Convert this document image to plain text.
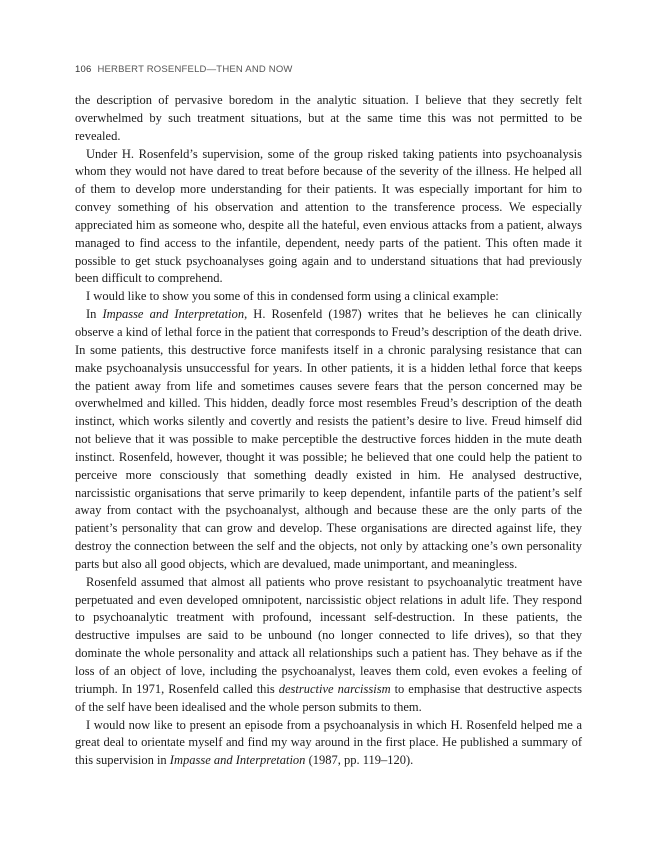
106 HERBERT ROSENFELD—THEN AND NOW

the description of pervasive boredom in the analytic situation. I believe that they secretly felt overwhelmed by such treatment situations, but at the same time this was not permitted to be revealed.

Under H. Rosenfeld’s supervision, some of the group risked taking patients into psychoanalysis whom they would not have dared to treat before because of the severity of the illness. He helped all of them to develop more understanding for their patients. It was especially important for him to convey something of his observation and attention to the transference process. We especially appreciated him as someone who, despite all the hateful, even envious attacks from a patient, always managed to find access to the infantile, dependent, needy parts of the patient. This often made it possible to get stuck psychoanalyses going again and to understand situations that had previously been difficult to comprehend.

I would like to show you some of this in condensed form using a clinical example:

In Impasse and Interpretation, H. Rosenfeld (1987) writes that he believes he can clinically observe a kind of lethal force in the patient that corresponds to Freud’s description of the death drive. In some patients, this destructive force manifests itself in a chronic paralysing resistance that can make psychoanalysis unsuccessful for years. In other patients, it is a hidden lethal force that keeps the patient away from life and sometimes causes severe fears that the person concerned may be overwhelmed and killed. This hidden, deadly force most resembles Freud’s description of the death instinct, which works silently and covertly and resists the patient’s desire to live. Freud himself did not believe that it was possible to make perceptible the destructive forces hidden in the mute death instinct. Rosenfeld, however, thought it was possible; he believed that one could help the patient to perceive more consciously that something deadly existed in him. He analysed destructive, narcissistic organisations that serve primarily to keep dependent, infantile parts of the patient’s self away from contact with the psychoanalyst, although and because these are the only parts of the patient’s personality that can grow and develop. These organisations are directed against life, they destroy the connection between the self and the objects, not only by attacking one’s own personality parts but also all good objects, which are devalued, made unimportant, and meaningless.

Rosenfeld assumed that almost all patients who prove resistant to psychoanalytic treatment have perpetuated and even developed omnipotent, narcissistic object relations in adult life. They respond to psychoanalytic treatment with profound, incessant self-destruction. In these patients, the destructive impulses are said to be unbound (no longer connected to life drives), so that they dominate the whole personality and attack all relationships such a patient has. They behave as if the loss of an object of love, including the psychoanalyst, leaves them cold, even evokes a feeling of triumph. In 1971, Rosenfeld called this destructive narcissism to emphasise that destructive aspects of the self have been idealised and the whole person submits to them.

I would now like to present an episode from a psychoanalysis in which H. Rosenfeld helped me a great deal to orientate myself and find my way around in the first place. He published a summary of this supervision in Impasse and Interpretation (1987, pp. 119–120).
